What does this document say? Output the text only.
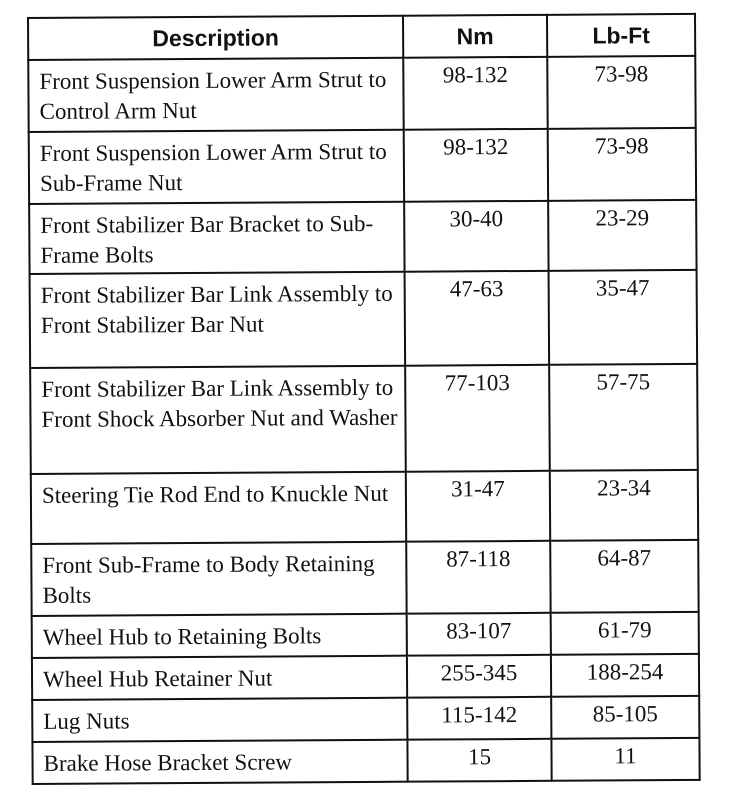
Description	Nm	Lb-Ft
Front Suspension Lower Arm Strut to Control Arm Nut	98-132	73-98
Front Suspension Lower Arm Strut to Sub-Frame Nut	98-132	73-98
Front Stabilizer Bar Bracket to Sub-Frame Bolts	30-40	23-29
Front Stabilizer Bar Link Assembly to Front Stabilizer Bar Nut	47-63	35-47
Front Stabilizer Bar Link Assembly to Front Shock Absorber Nut and Washer	77-103	57-75
Steering Tie Rod End to Knuckle Nut	31-47	23-34
Front Sub-Frame to Body Retaining Bolts	87-118	64-87
Wheel Hub to Retaining Bolts	83-107	61-79
Wheel Hub Retainer Nut	255-345	188-254
Lug Nuts	115-142	85-105
Brake Hose Bracket Screw	15	11
